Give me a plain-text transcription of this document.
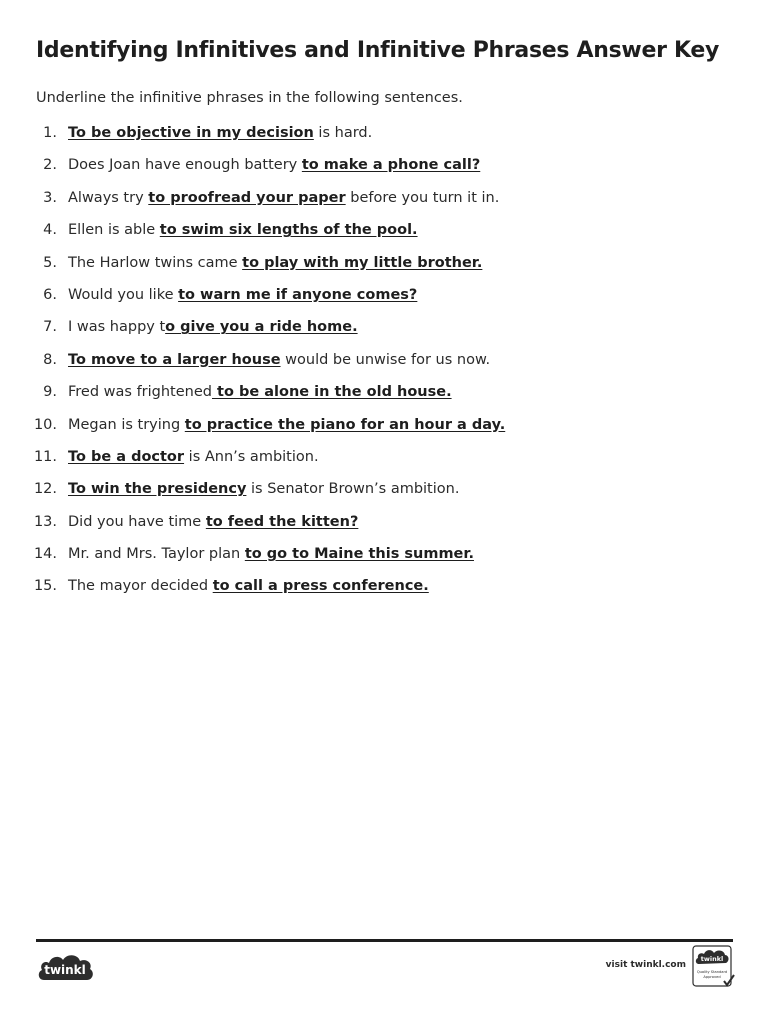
Identifying Infinitives and Infinitive Phrases Answer Key
Underline the infinitive phrases in the following sentences.
1. To be objective in my decision is hard.
2. Does Joan have enough battery to make a phone call?
3. Always try to proofread your paper before you turn it in.
4. Ellen is able to swim six lengths of the pool.
5. The Harlow twins came to play with my little brother.
6. Would you like to warn me if anyone comes?
7. I was happy to give you a ride home.
8. To move to a larger house would be unwise for us now.
9. Fred was frightened to be alone in the old house.
10. Megan is trying to practice the piano for an hour a day.
11. To be a doctor is Ann’s ambition.
12. To win the presidency is Senator Brown’s ambition.
13. Did you have time to feed the kitten?
14. Mr. and Mrs. Taylor plan to go to Maine this summer.
15. The mayor decided to call a press conference.
twinkl	visit twinkl.com
twinkl
Quality Standard
Approved
